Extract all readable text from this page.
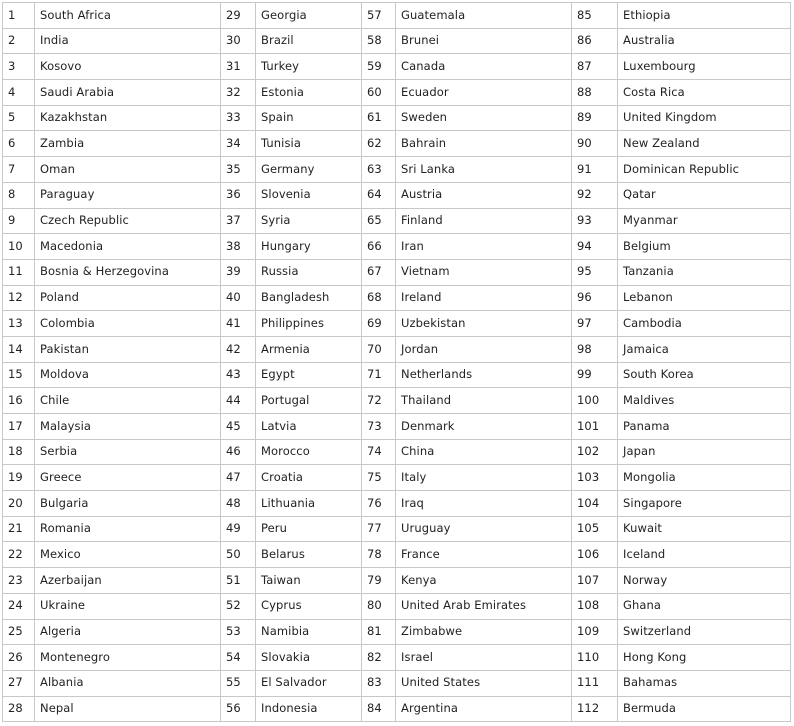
1	South Africa	29	Georgia	57	Guatemala	85	Ethiopia
2	India	30	Brazil	58	Brunei	86	Australia
3	Kosovo	31	Turkey	59	Canada	87	Luxembourg
4	Saudi Arabia	32	Estonia	60	Ecuador	88	Costa Rica
5	Kazakhstan	33	Spain	61	Sweden	89	United Kingdom
6	Zambia	34	Tunisia	62	Bahrain	90	New Zealand
7	Oman	35	Germany	63	Sri Lanka	91	Dominican Republic
8	Paraguay	36	Slovenia	64	Austria	92	Qatar
9	Czech Republic	37	Syria	65	Finland	93	Myanmar
10	Macedonia	38	Hungary	66	Iran	94	Belgium
11	Bosnia & Herzegovina	39	Russia	67	Vietnam	95	Tanzania
12	Poland	40	Bangladesh	68	Ireland	96	Lebanon
13	Colombia	41	Philippines	69	Uzbekistan	97	Cambodia
14	Pakistan	42	Armenia	70	Jordan	98	Jamaica
15	Moldova	43	Egypt	71	Netherlands	99	South Korea
16	Chile	44	Portugal	72	Thailand	100	Maldives
17	Malaysia	45	Latvia	73	Denmark	101	Panama
18	Serbia	46	Morocco	74	China	102	Japan
19	Greece	47	Croatia	75	Italy	103	Mongolia
20	Bulgaria	48	Lithuania	76	Iraq	104	Singapore
21	Romania	49	Peru	77	Uruguay	105	Kuwait
22	Mexico	50	Belarus	78	France	106	Iceland
23	Azerbaijan	51	Taiwan	79	Kenya	107	Norway
24	Ukraine	52	Cyprus	80	United Arab Emirates	108	Ghana
25	Algeria	53	Namibia	81	Zimbabwe	109	Switzerland
26	Montenegro	54	Slovakia	82	Israel	110	Hong Kong
27	Albania	55	El Salvador	83	United States	111	Bahamas
28	Nepal	56	Indonesia	84	Argentina	112	Bermuda
